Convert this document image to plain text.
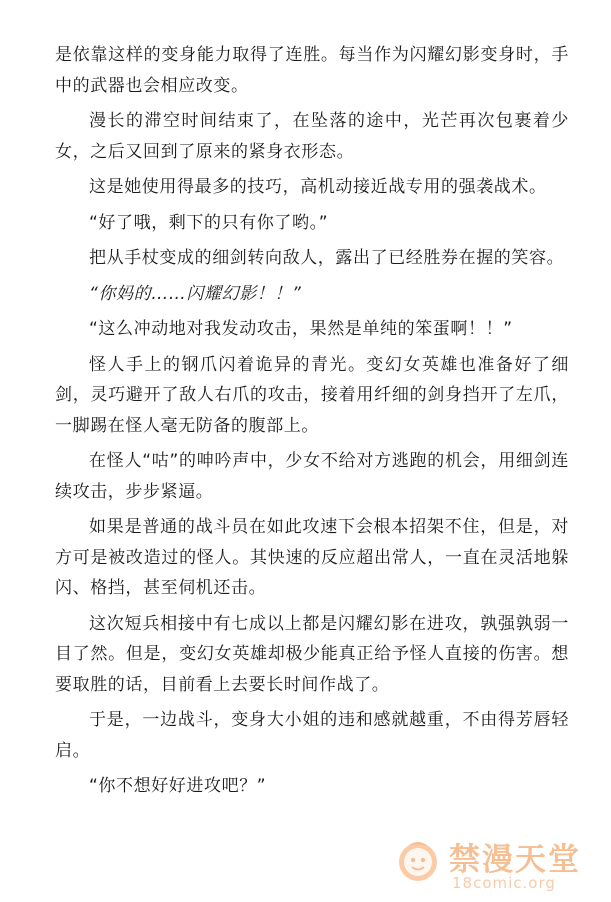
是依靠这样的变身能力取得了连胜。每当作为闪耀幻影变身时，手中的武器也会相应改变。

漫长的滞空时间结束了，在坠落的途中，光芒再次包裹着少女，之后又回到了原来的紧身衣形态。

这是她使用得最多的技巧，高机动接近战专用的强袭战术。

“好了哦，剩下的只有你了哟。”

把从手杖变成的细剑转向敌人，露出了已经胜券在握的笑容。

“你妈的……闪耀幻影！！”

“这么冲动地对我发动攻击，果然是单纯的笨蛋啊！！”

怪人手上的钢爪闪着诡异的青光。变幻女英雄也准备好了细剑，灵巧避开了敌人右爪的攻击，接着用纤细的剑身挡开了左爪，一脚踢在怪人毫无防备的腹部上。

在怪人“咕”的呻吟声中，少女不给对方逃跑的机会，用细剑连续攻击，步步紧逼。

如果是普通的战斗员在如此攻速下会根本招架不住，但是，对方可是被改造过的怪人。其快速的反应超出常人，一直在灵活地躲闪、格挡，甚至伺机还击。

这次短兵相接中有七成以上都是闪耀幻影在进攻，孰强孰弱一目了然。但是，变幻女英雄却极少能真正给予怪人直接的伤害。想要取胜的话，目前看上去要长时间作战了。

于是，一边战斗，变身大小姐的违和感就越重，不由得芳唇轻启。

“你不想好好进攻吧？”

禁漫天堂
18comic.org
